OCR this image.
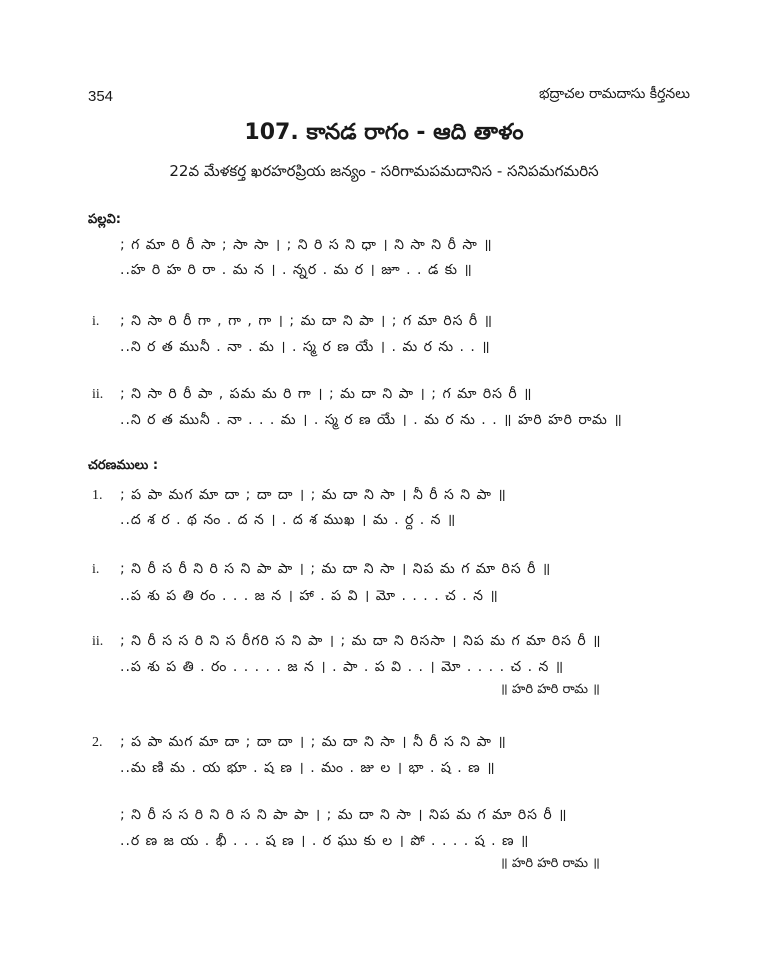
354	భద్రాచల రామదాసు కీర్తనలు
107. కానడ రాగం - ఆది తాళం
22వ మేళకర్త ఖరహరప్రియ జన్యం - సరిగామపమదానిస - సనిపమగమరిస
పల్లవి:
; గ మా రి రీ సా ; సా సా । ; ని రి స ని ధా । ని సా ని రీ సా ॥
..హ రి హ రి రా . మ న । . న్నర . మ ర । జూ . . డ కు ॥
i. ; ని సా రి రీ గా , గా , గా । ; మ దా ని పా । ; గ మా రిస రీ ॥
..ని ర త మునీ . నా . మ । . స్మ ర ణ యే । . మ ర ను . . ॥
ii. ; ని సా రి రీ పా , పమ మ రి గా । ; మ దా ని పా । ; గ మా రిస రీ ॥
..ని ర త మునీ . నా . . . మ । . స్మ ర ణ యే । . మ ర ను . . ॥ హరి హరి రామ ॥
చరణములు :
1. ; ప పా మగ మా దా ; దా దా । ; మ దా ని సా । నీ రీ స ని పా ॥
..ద శ ర . థ నం . ద న । . ద శ ముఖ । మ . ర్ద . న ॥
i. ; ని రీ స రీ ని రి స ని పా పా । ; మ దా ని సా । నిప మ గ మా రిస రీ ॥
..ప శు ప తి రం . . . జ న । హా . ప వి । మో . . . . చ . న ॥
ii. ; ని రీ స స రి ని స రీగరి స ని పా । ; మ దా ని రిససా । నిప మ గ మా రిస రీ ॥
..ప శు ప తి . రం . . . . . జ న । . పా . ప వి . . । మో . . . . చ . న ॥
॥ హరి హరి రామ ॥
2. ; ప పా మగ మా దా ; దా దా । ; మ దా ని సా । నీ రీ స ని పా ॥
..మ ణి మ . య భూ . ష ణ । . మం . జు ల । భా . ష . ణ ॥
; ని రీ స స రి ని రి స ని పా పా । ; మ దా ని సా । నిప మ గ మా రిస రీ ॥
..ర ణ జ య . భీ . . . ష ణ । . ర ఘు కు ల । పో . . . . ష . ణ ॥
॥ హరి హరి రామ ॥
